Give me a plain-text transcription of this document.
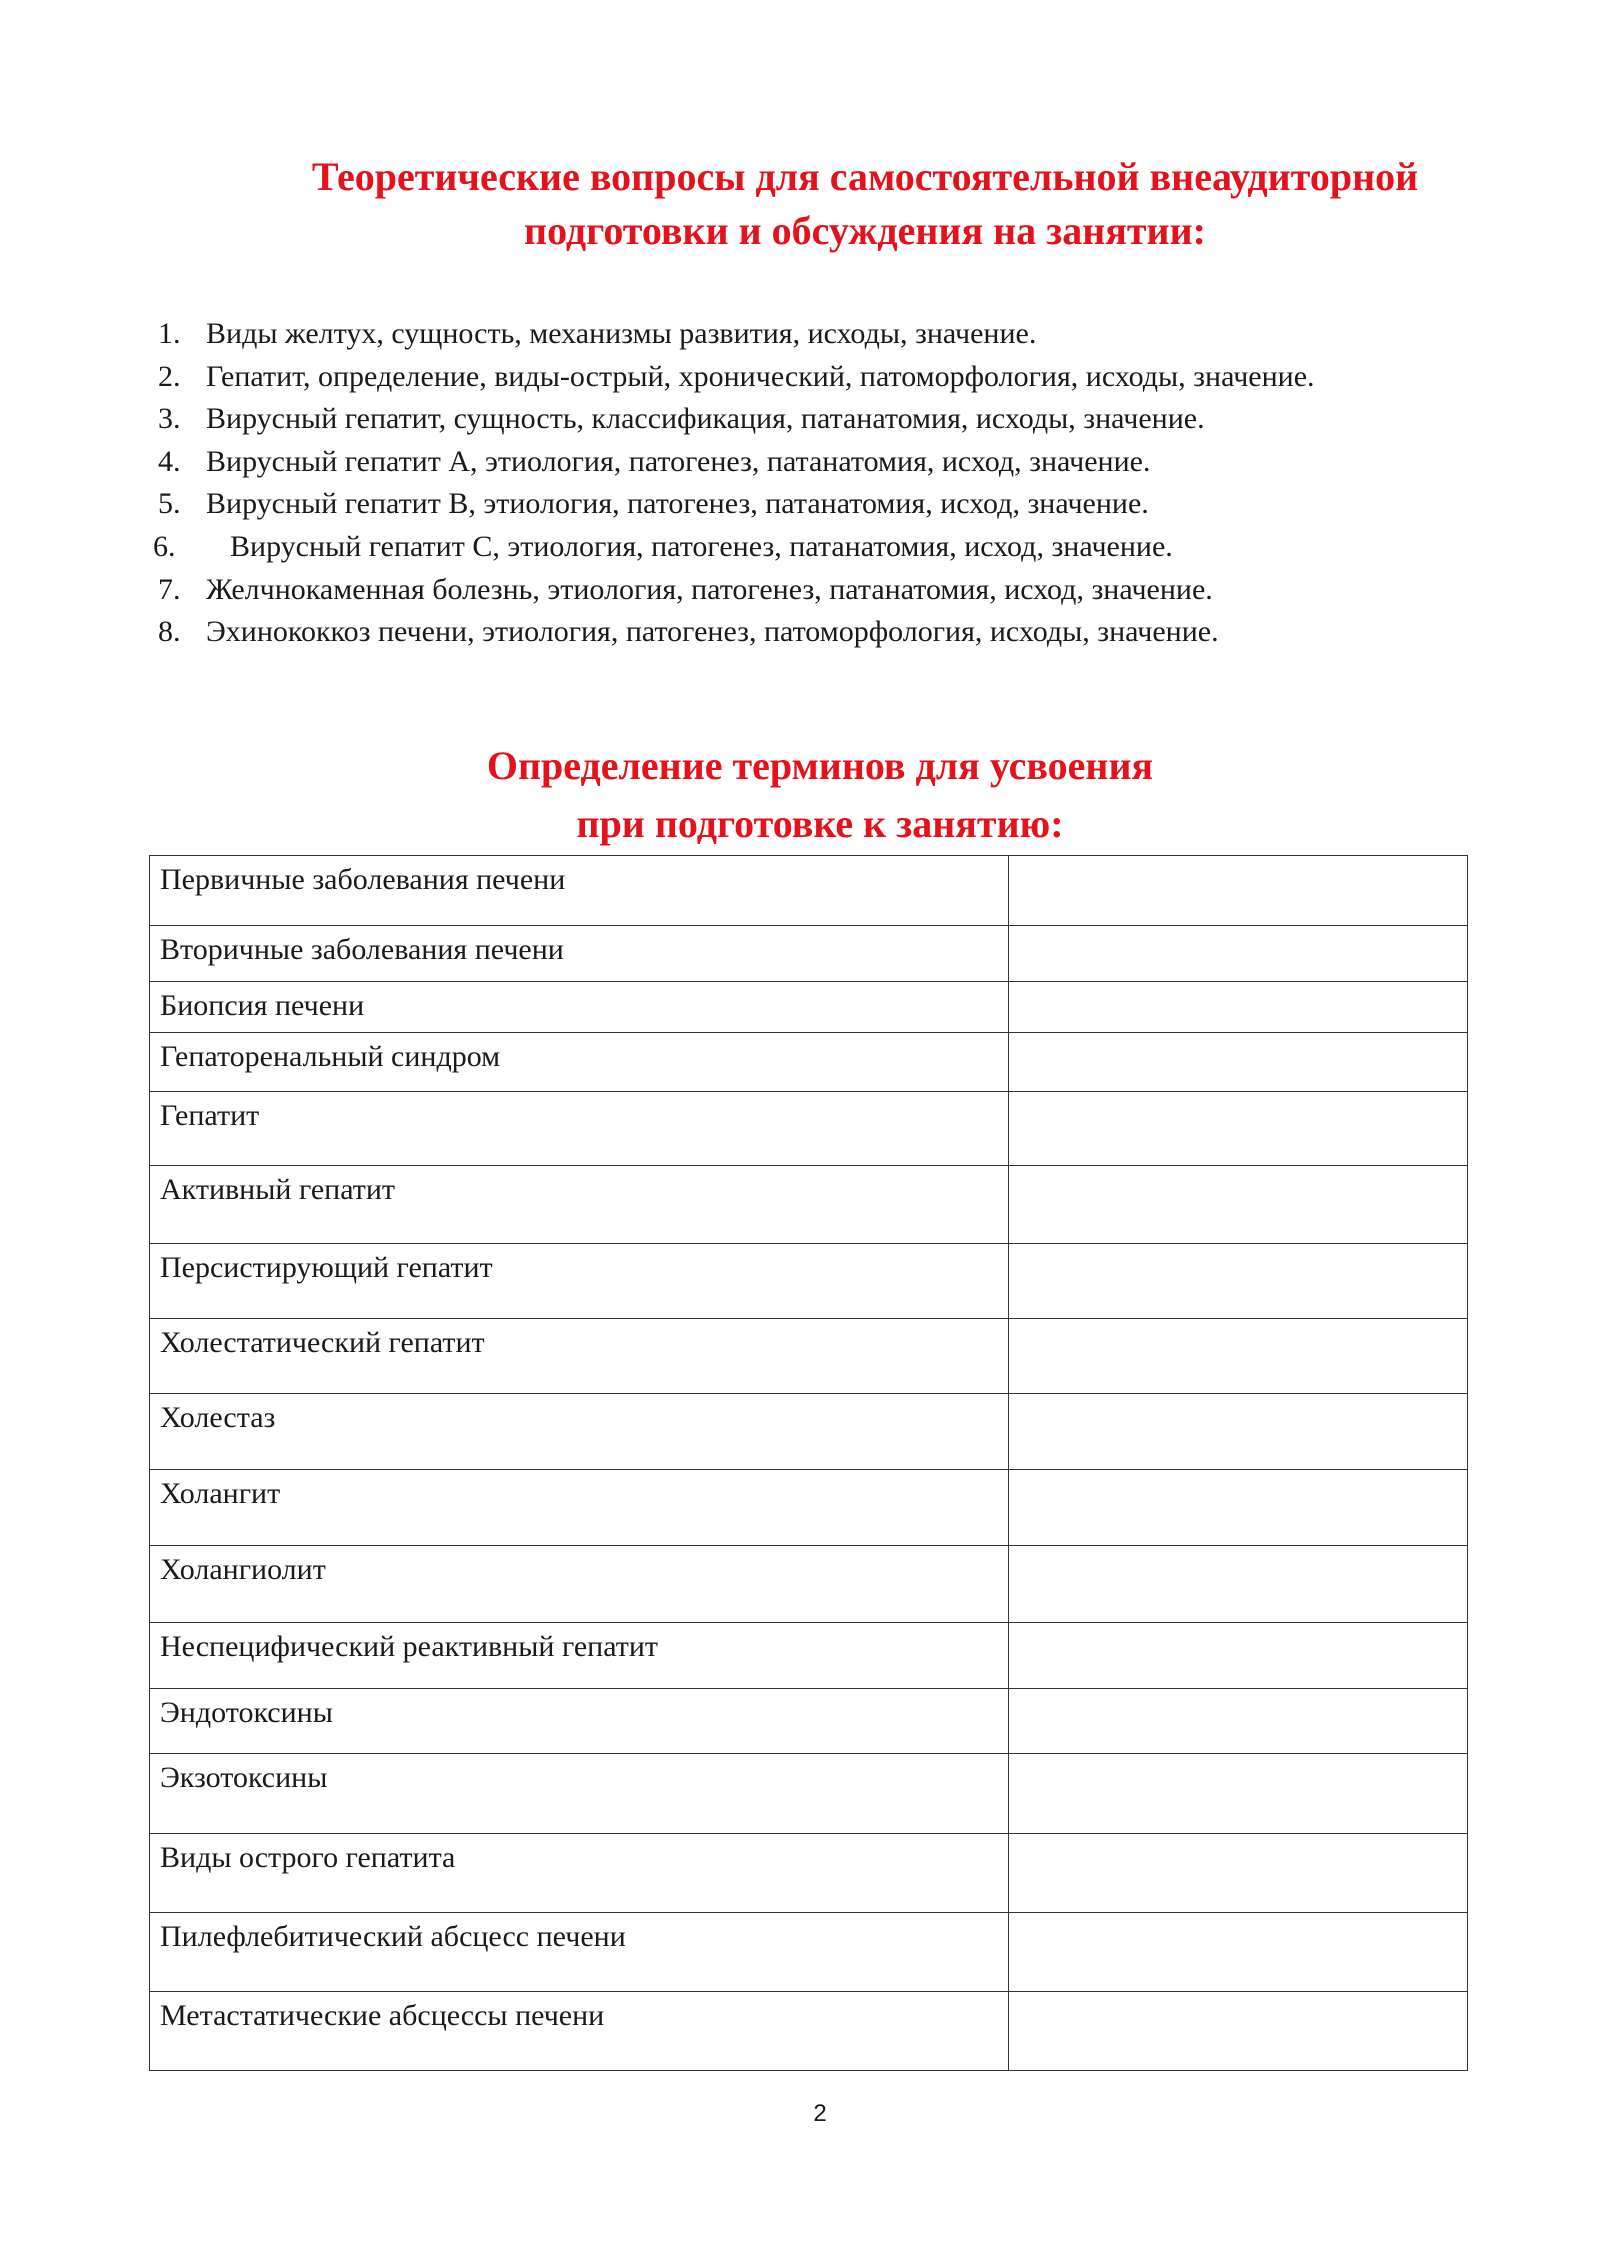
Теоретические вопросы для самостоятельной внеаудиторной
подготовки и обсуждения на занятии:
1. Виды желтух, сущность, механизмы развития, исходы, значение.
2. Гепатит, определение, виды-острый, хронический, патоморфология, исходы, значение.
3. Вирусный гепатит, сущность, классификация, патанатомия, исходы, значение.
4. Вирусный гепатит А, этиология, патогенез, патанатомия, исход, значение.
5. Вирусный гепатит В, этиология, патогенез, патанатомия, исход, значение.
6. Вирусный гепатит С, этиология, патогенез, патанатомия, исход, значение.
7. Желчнокаменная болезнь, этиология, патогенез, патанатомия, исход, значение.
8. Эхинококкоз печени, этиология, патогенез, патоморфология, исходы, значение.
Определение терминов для усвоения
при подготовке к занятию:
Первичные заболевания печени	
Вторичные заболевания печени	
Биопсия печени	
Гепаторенальный синдром	
Гепатит	
Активный гепатит	
Персистирующий гепатит	
Холестатический гепатит	
Холестаз	
Холангит	
Холангиолит	
Неспецифический реактивный гепатит	
Эндотоксины	
Экзотоксины	
Виды острого гепатита	
Пилефлебитический абсцесс печени	
Метастатические абсцессы печени	
2
